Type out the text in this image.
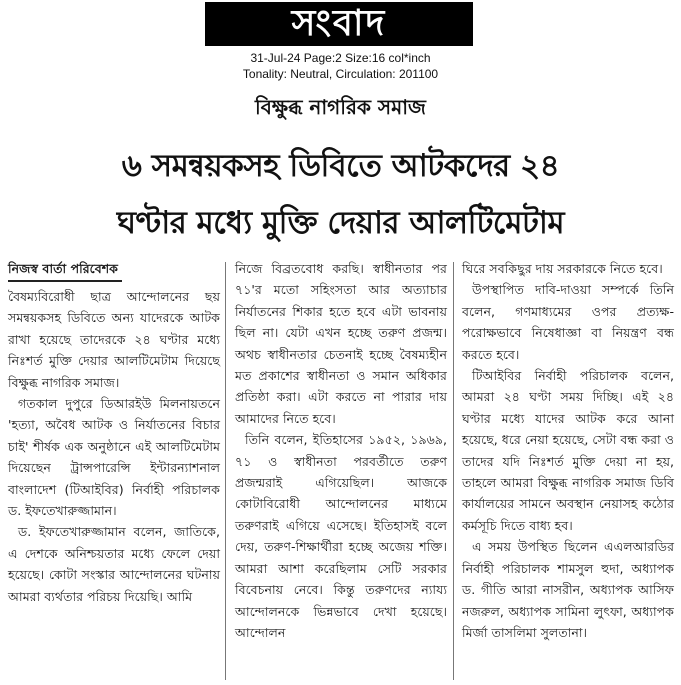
সংবাদ
31-Jul-24 Page:2 Size:16 col*inch
Tonality: Neutral, Circulation: 201100
বিক্ষুব্ধ নাগরিক সমাজ
৬ সমন্বয়কসহ ডিবিতে আটকদের ২৪
ঘণ্টার মধ্যে মুক্তি দেয়ার আলটিমেটাম
নিজস্ব বার্তা পরিবেশক

বৈষম্যবিরোধী ছাত্র আন্দোলনের ছয় সমন্বয়কসহ ডিবিতে অন্য যাদেরকে আটক রাখা হয়েছে তাদেরকে ২৪ ঘণ্টার মধ্যে নিঃশর্ত মুক্তি দেয়ার আলটিমেটাম দিয়েছে বিক্ষুব্ধ নাগরিক সমাজ।

গতকাল দুপুরে ডিআরইউ মিলনায়তনে 'হত্যা, অবৈধ আটক ও নির্যাতনের বিচার চাই' শীর্ষক এক অনুষ্ঠানে এই আলটিমেটাম দিয়েছেন ট্রান্সপারেন্সি ইন্টারন্যাশনাল বাংলাদেশ (টিআইবির) নির্বাহী পরিচালক ড. ইফতেখারুজ্জামান।

ড. ইফতেখারুজ্জামান বলেন, জাতিকে, এ দেশকে অনিশ্চয়তার মধ্যে ফেলে দেয়া হয়েছে। কোটা সংস্কার আন্দোলনের ঘটনায় আমরা ব্যর্থতার পরিচয় দিয়েছি। আমি

নিজে বিব্রতবোধ করছি। স্বাধীনতার পর ৭১'র মতো সহিংসতা আর অত্যাচার নির্যাতনের শিকার হতে হবে এটা ভাবনায় ছিল না। যেটা এখন হচ্ছে তরুণ প্রজন্ম। অথচ স্বাধীনতার চেতনাই হচ্ছে বৈষম্যহীন মত প্রকাশের স্বাধীনতা ও সমান অধিকার প্রতিষ্ঠা করা। এটা করতে না পারার দায় আমাদের নিতে হবে।

তিনি বলেন, ইতিহাসের ১৯৫২, ১৯৬৯, ৭১ ও স্বাধীনতা পরবর্তীতে তরুণ প্রজন্মরাই এগিয়েছিল। আজকে কোটাবিরোধী আন্দোলনের মাধ্যমে তরুণরাই এগিয়ে এসেছে। ইতিহাসই বলে দেয়, তরুণ-শিক্ষার্থীরা হচ্ছে অজেয় শক্তি। আমরা আশা করেছিলাম সেটি সরকার বিবেচনায় নেবে। কিন্তু তরুণদের ন্যায্য আন্দোলনকে ভিন্নভাবে দেখা হয়েছে। আন্দোলন

ঘিরে সবকিছুর দায় সরকারকে নিতে হবে।

উপস্থাপিত দাবি-দাওয়া সম্পর্কে তিনি বলেন, গণমাধ্যমের ওপর প্রত্যক্ষ-পরোক্ষভাবে নিষেধাজ্ঞা বা নিয়ন্ত্রণ বন্ধ করতে হবে।

টিআইবির নির্বাহী পরিচালক বলেন, আমরা ২৪ ঘণ্টা সময় দিচ্ছি। এই ২৪ ঘণ্টার মধ্যে যাদের আটক করে আনা হয়েছে, ধরে নেয়া হয়েছে, সেটা বন্ধ করা ও তাদের যদি নিঃশর্ত মুক্তি দেয়া না হয়, তাহলে আমরা বিক্ষুব্ধ নাগরিক সমাজ ডিবি কার্যালয়ের সামনে অবস্থান নেয়াসহ কঠোর কর্মসূচি দিতে বাধ্য হব।

এ সময় উপস্থিত ছিলেন এএলআরডির নির্বাহী পরিচালক শামসুল হুদা, অধ্যাপক ড. গীতি আরা নাসরীন, অধ্যাপক আসিফ নজরুল, অধ্যাপক সামিনা লুৎফা, অধ্যাপক মির্জা তাসলিমা সুলতানা।
